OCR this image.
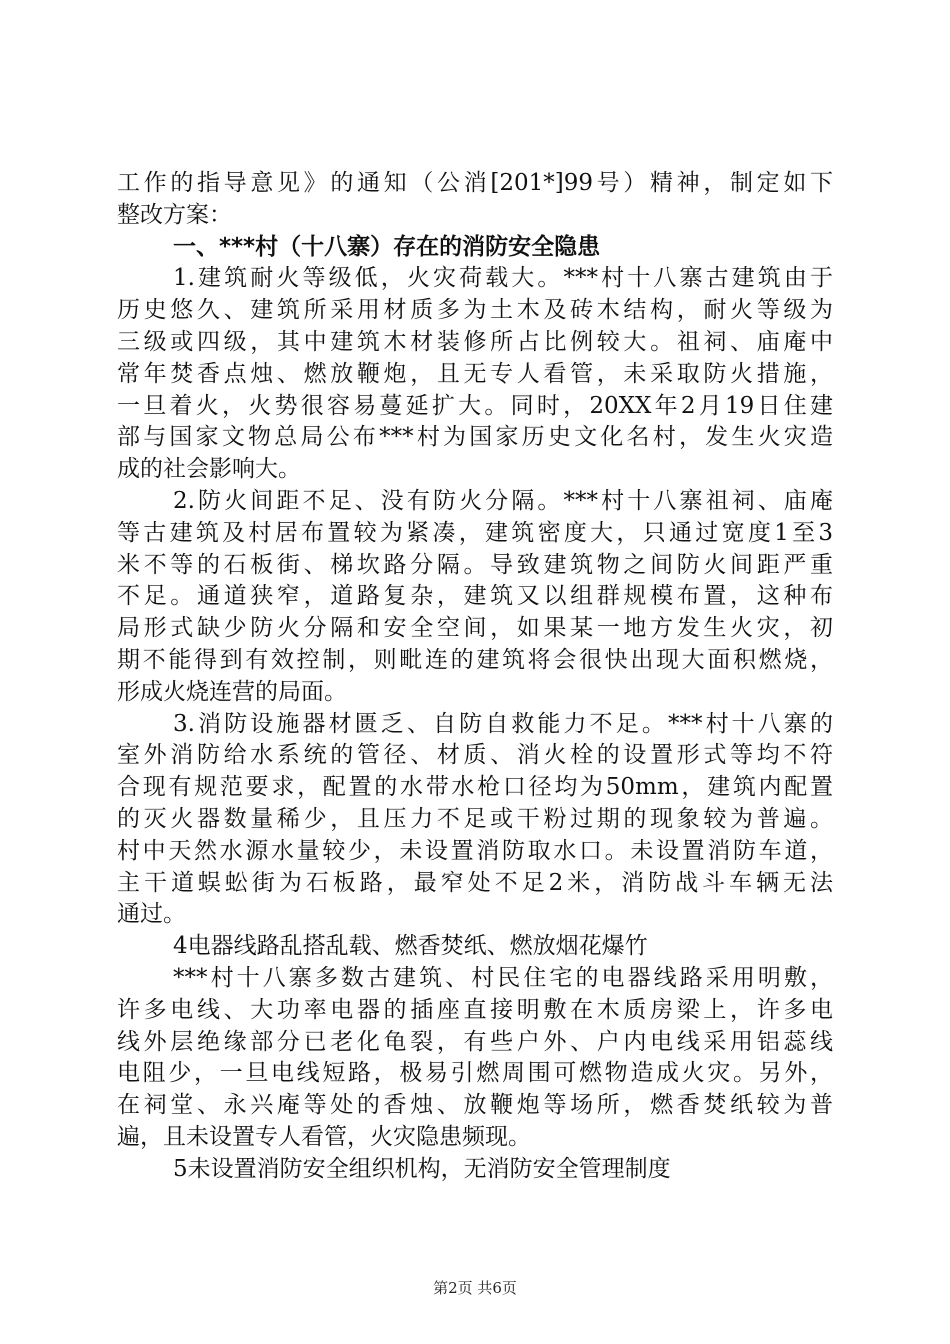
工作的指导意见》的通知（公消[201*]99号）精神，制定如下
整改方案：
一、***村（十八寨）存在的消防安全隐患
1.建筑耐火等级低，火灾荷载大。***村十八寨古建筑由于
历史悠久、建筑所采用材质多为土木及砖木结构，耐火等级为
三级或四级，其中建筑木材装修所占比例较大。祖祠、庙庵中
常年焚香点烛、燃放鞭炮，且无专人看管，未采取防火措施，
一旦着火，火势很容易蔓延扩大。同时，20XX年2月19日住建
部与国家文物总局公布***村为国家历史文化名村，发生火灾造
成的社会影响大。
2.防火间距不足、没有防火分隔。***村十八寨祖祠、庙庵
等古建筑及村居布置较为紧凑，建筑密度大，只通过宽度1至3
米不等的石板街、梯坎路分隔。导致建筑物之间防火间距严重
不足。通道狭窄，道路复杂，建筑又以组群规模布置，这种布
局形式缺少防火分隔和安全空间，如果某一地方发生火灾，初
期不能得到有效控制，则毗连的建筑将会很快出现大面积燃烧，
形成火烧连营的局面。
3.消防设施器材匮乏、自防自救能力不足。***村十八寨的
室外消防给水系统的管径、材质、消火栓的设置形式等均不符
合现有规范要求，配置的水带水枪口径均为50mm，建筑内配置
的灭火器数量稀少，且压力不足或干粉过期的现象较为普遍。
村中天然水源水量较少，未设置消防取水口。未设置消防车道，
主干道蜈蚣街为石板路，最窄处不足2米，消防战斗车辆无法
通过。
4电器线路乱搭乱载、燃香焚纸、燃放烟花爆竹
***村十八寨多数古建筑、村民住宅的电器线路采用明敷，
许多电线、大功率电器的插座直接明敷在木质房梁上，许多电
线外层绝缘部分已老化龟裂，有些户外、户内电线采用铝蕊线
电阻少，一旦电线短路，极易引燃周围可燃物造成火灾。另外，
在祠堂、永兴庵等处的香烛、放鞭炮等场所，燃香焚纸较为普
遍，且未设置专人看管，火灾隐患频现。
5未设置消防安全组织机构，无消防安全管理制度
第2页 共6页
